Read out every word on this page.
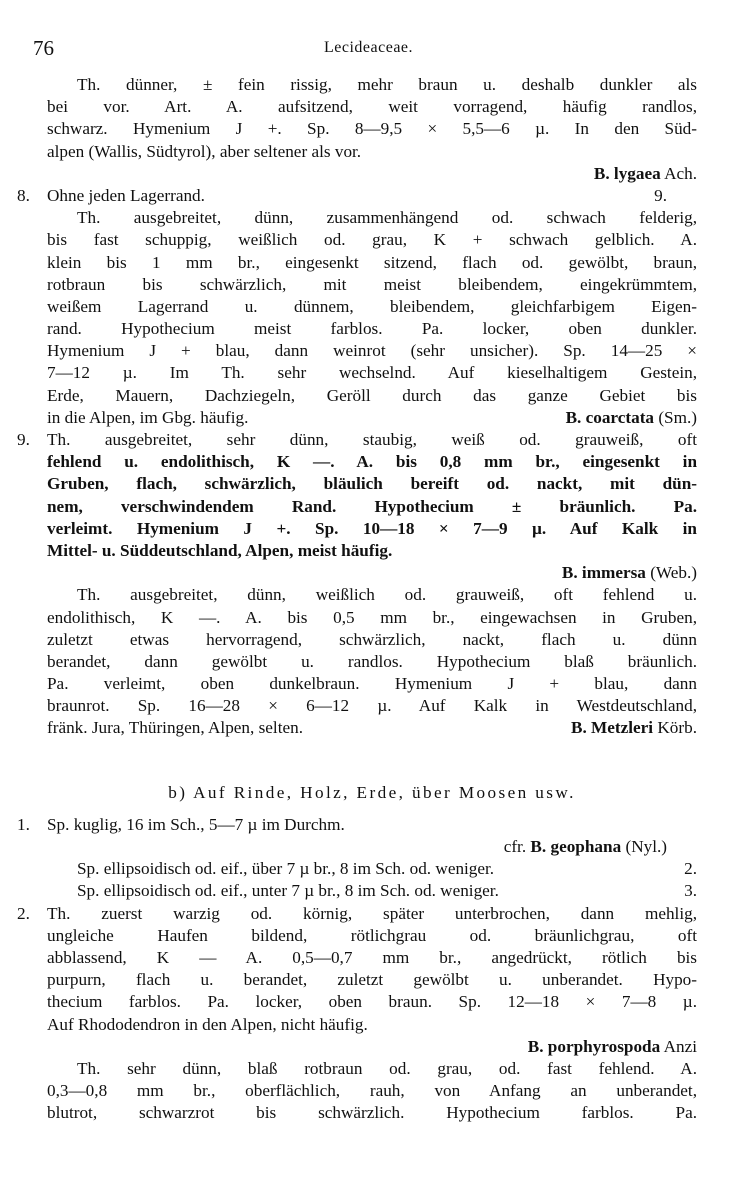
76	Lecideaceae.
Th. dünner, ± fein rissig, mehr braun u. deshalb dunkler als
bei vor. Art. A. aufsitzend, weit vorragend, häufig randlos,
schwarz. Hymenium J +. Sp. 8—9,5 × 5,5—6 µ. In den Süd-
alpen (Wallis, Südtyrol), aber seltener als vor.
B. lygaea Ach.
8. Ohne jeden Lagerrand.	9.
Th. ausgebreitet, dünn, zusammenhängend od. schwach felderig,
bis fast schuppig, weißlich od. grau, K + schwach gelblich. A.
klein bis 1 mm br., eingesenkt sitzend, flach od. gewölbt, braun,
rotbraun bis schwärzlich, mit meist bleibendem, eingekrümmtem,
weißem Lagerrand u. dünnem, bleibendem, gleichfarbigem Eigen-
rand. Hypothecium meist farblos. Pa. locker, oben dunkler.
Hymenium J + blau, dann weinrot (sehr unsicher). Sp. 14—25 ×
7—12 µ. Im Th. sehr wechselnd. Auf kieselhaltigem Gestein,
Erde, Mauern, Dachziegeln, Geröll durch das ganze Gebiet bis
in die Alpen, im Gbg. häufig.	B. coarctata (Sm.)
9. Th. ausgebreitet, sehr dünn, staubig, weiß od. grauweiß, oft
fehlend u. endolithisch, K —. A. bis 0,8 mm br., eingesenkt in
Gruben, flach, schwärzlich, bläulich bereift od. nackt, mit dün-
nem, verschwindendem Rand. Hypothecium ± bräunlich. Pa.
verleimt. Hymenium J +. Sp. 10—18 × 7—9 µ. Auf Kalk in
Mittel- u. Süddeutschland, Alpen, meist häufig.
B. immersa (Web.)
Th. ausgebreitet, dünn, weißlich od. grauweiß, oft fehlend u.
endolithisch, K —. A. bis 0,5 mm br., eingewachsen in Gruben,
zuletzt etwas hervorragend, schwärzlich, nackt, flach u. dünn
berandet, dann gewölbt u. randlos. Hypothecium blaß bräunlich.
Pa. verleimt, oben dunkelbraun. Hymenium J + blau, dann
braunrot. Sp. 16—28 × 6—12 µ. Auf Kalk in Westdeutschland,
fränk. Jura, Thüringen, Alpen, selten.	B. Metzleri Körb.
b) Auf Rinde, Holz, Erde, über Moosen usw.
1. Sp. kuglig, 16 im Sch., 5—7 µ im Durchm.
cfr. B. geophana (Nyl.)
Sp. ellipsoidisch od. eif., über 7 µ br., 8 im Sch. od. weniger.	2.
Sp. ellipsoidisch od. eif., unter 7 µ br., 8 im Sch. od. weniger.	3.
2. Th. zuerst warzig od. körnig, später unterbrochen, dann mehlig,
ungleiche Haufen bildend, rötlichgrau od. bräunlichgrau, oft
abblassend, K — A. 0,5—0,7 mm br., angedrückt, rötlich bis
purpurn, flach u. berandet, zuletzt gewölbt u. unberandet. Hypo-
thecium farblos. Pa. locker, oben braun. Sp. 12—18 × 7—8 µ.
Auf Rhododendron in den Alpen, nicht häufig.
B. porphyrospoda Anzi
Th. sehr dünn, blaß rotbraun od. grau, od. fast fehlend. A.
0,3—0,8 mm br., oberflächlich, rauh, von Anfang an unberandet,
blutrot, schwarzrot bis schwärzlich. Hypothecium farblos. Pa.
